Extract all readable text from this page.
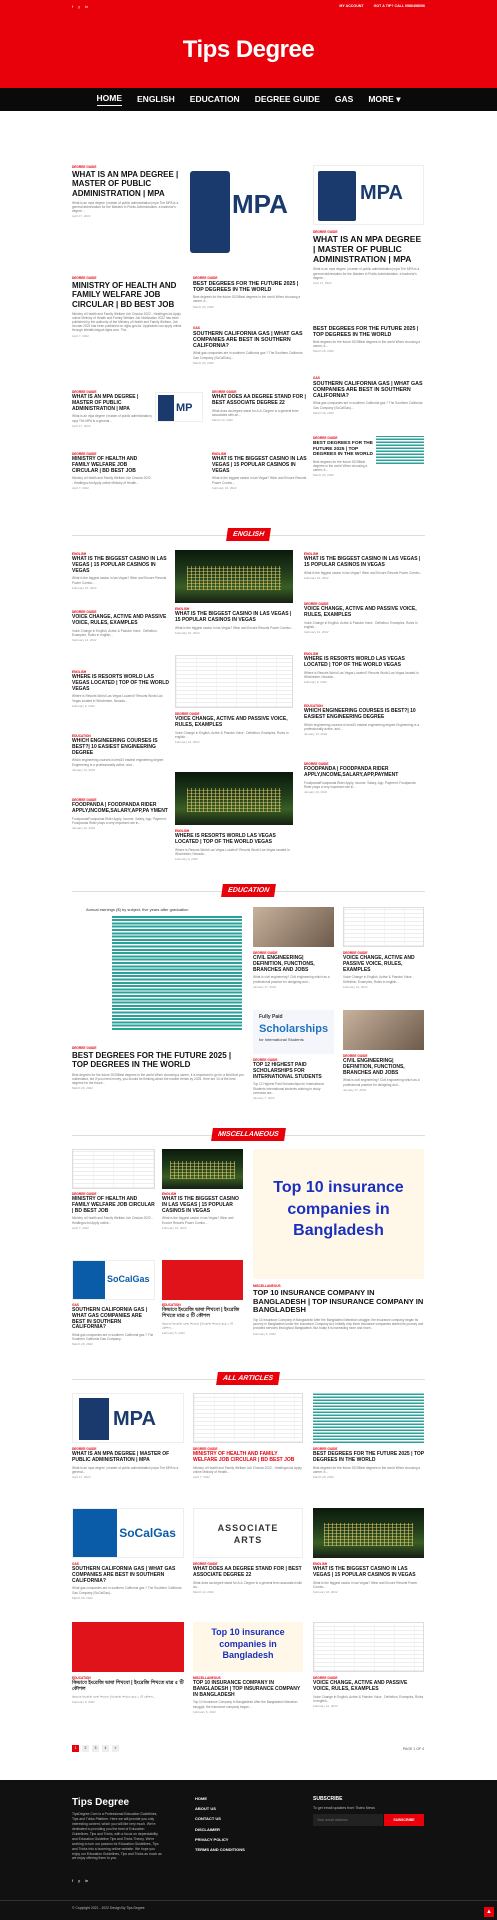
f y in	MY ACCOUNT	GOT A TIP? CALL 0986458056
Tips Degree
HOME ENGLISH EDUCATION DEGREE GUIDE GAS MORE ▾
DEGREE GUIDE
WHAT IS AN MPA DEGREE | MASTER OF PUBLIC ADMINISTRATION | MPA
What is an mpa degree | master of public administration| mpa The MPA is a general abbreviation for the Masters in Public Administration. a bachelor's degree...
April 17, 2022	MPA	MPA
DEGREE GUIDE
WHAT IS AN MPA DEGREE | MASTER OF PUBLIC ADMINISTRATION | MPA
What is an mpa degree | master of public administration| mpa The MPA is a general abbreviation for the Masters in Public Administration. a bachelor's degree...
April 17, 2022
DEGREE GUIDE
MINISTRY OF HEALTH AND FAMILY WELFARE JOB CIRCULAR | BD BEST JOB
Ministry of Health and Family Welfare Job Circular 2022 - Healthgov.bd Apply online Ministry of Health and Family Welfare Job Notification 2022 has been published by the authority of the Ministry of Health and Family Welfare. Job circular 2022 has been published on dghs.gov.bd. Applicants can apply online through teletalk.bdgovt.dghs.com. The...
April 7, 2022
DEGREE GUIDE
BEST DEGREES FOR THE FUTURE 2025 | TOP DEGREES IN THE WORLD
Best degrees for the future 2025Best degrees in the world When choosing a career, it...
March 26, 2022
GAS
SOUTHERN CALIFORNIA GAS | WHAT GAS COMPANIES ARE BEST IN SOUTHERN CALIFORNIA?
What gas companies are in southern California gas ? The Southern California Gas Company (SoCalGas)...
March 26, 2022
BEST DEGREES FOR THE FUTURE 2025 | TOP DEGREES IN THE WORLD
Best degrees for the future 2025Best degrees in the world When choosing a career, it...
March 26, 2022
GAS
SOUTHERN CALIFORNIA GAS | WHAT GAS COMPANIES ARE BEST IN SOUTHERN CALIFORNIA?
What gas companies are in southern California gas ? The Southern California Gas Company (SoCalGas)...
March 26, 2022
DEGREE GUIDE
WHAT IS AN MPA DEGREE | MASTER OF PUBLIC ADMINISTRATION | MPA
What is an mpa degree | master of public administration| mpa The MPA is a general...
April 17, 2022
MP
DEGREE GUIDE
WHAT DOES AA DEGREE STAND FOR | BEST ASSOCIATE DEGREE 22
What does aa degree stand for A.A. Degree is a general term associated with an...
March 13, 2022
DEGREE GUIDE
MINISTRY OF HEALTH AND FAMILY WELFARE JOB CIRCULAR | BD BEST JOB
Ministry of Health and Family Welfare Job Circular 2022 - Healthgov.bd Apply online Ministry of Health...
April 7, 2022
ENGLISH
WHAT IS THE BIGGEST CASINO IN LAS VEGAS | 15 POPULAR CASINOS IN VEGAS
What is the biggest casino in las Vegas? Winn and Encore Resorts Power Combo...
February 16, 2022
DEGREE GUIDE
BEST DEGREES FOR THE FUTURE 2025 | TOP DEGREES IN THE WORLD
Best degrees for the future 2025Best degrees in the world When choosing a career, it...
March 26, 2022
ENGLISH
ENGLISH
WHAT IS THE BIGGEST CASINO IN LAS VEGAS | 15 POPULAR CASINOS IN VEGAS
What is the biggest casino in las Vegas? Winn and Encore Resorts Power Combo...
February 16, 2022
DEGREE GUIDE
VOICE CHANGE, ACTIVE AND PASSIVE VOICE, RULES, EXAMPLES
Voice Change in English, Active & Passive Voice , Definition, Examples, Rules in english...
February 12, 2022
ENGLISH
WHERE IS RESORTS WORLD LAS VEGAS LOCATED | TOP OF THE WORLD VEGAS
Where is Resorts World Las Vegas Located? Resorts World Las Vegas located in Winchester, Nevada...
February 9, 2022
EDUCATION
WHICH ENGINEERING COURSES IS BEST?| 10 EASIEST ENGINEERING DEGREE
Which engineering courses is best10 easiest engineering degree Engineering is a professionally active, and...
January 13, 2022
DEGREE GUIDE
FOODPANDA | FOODPANDA RIDER APPLY,INCOME,SALARY,APP,PA YMENT
FoodpandaFoodpanda Rider Apply, Income, Salary, App, Payment: Foodpanda Rider plays a very important role in...
January 10, 2022
ENGLISH
WHAT IS THE BIGGEST CASINO IN LAS VEGAS | 15 POPULAR CASINOS IN VEGAS
What is the biggest casino in las Vegas? Winn and Encore Resorts Power Combo...
February 16, 2022
DEGREE GUIDE
VOICE CHANGE, ACTIVE AND PASSIVE VOICE, RULES, EXAMPLES
Voice Change in English, Active & Passive Voice , Definition, Examples, Rules in english...
February 12, 2022
ENGLISH
WHERE IS RESORTS WORLD LAS VEGAS LOCATED | TOP OF THE WORLD VEGAS
Where is Resorts World Las Vegas Located? Resorts World Las Vegas located in Winchester, Nevada...
February 9, 2022
ENGLISH
WHAT IS THE BIGGEST CASINO IN LAS VEGAS | 15 POPULAR CASINOS IN VEGAS
What is the biggest casino in las Vegas? Winn and Encore Resorts Power Combo...
February 16, 2022
DEGREE GUIDE
VOICE CHANGE, ACTIVE AND PASSIVE VOICE, RULES, EXAMPLES
Voice Change in English, Active & Passive Voice , Definition, Examples, Rules in english...
February 12, 2022
ENGLISH
WHERE IS RESORTS WORLD LAS VEGAS LOCATED | TOP OF THE WORLD VEGAS
Where is Resorts World Las Vegas Located? Resorts World Las Vegas located in Winchester, Nevada...
February 9, 2022
EDUCATION
WHICH ENGINEERING COURSES IS BEST?| 10 EASIEST ENGINEERING DEGREE
Which engineering courses is best10 easiest engineering degree Engineering is a professionally active, and...
January 13, 2022
DEGREE GUIDE
FOODPANDA | FOODPANDA RIDER APPLY,INCOME,SALARY,APP,PAYMENT
FoodpandaFoodpanda Rider Apply, Income, Salary, App, Payment: Foodpanda Rider plays a very important role in...
January 10, 2022
EDUCATION
Annual earnings ($) by subject, five years after graduation
DEGREE GUIDE
BEST DEGREES FOR THE FUTURE 2025 | TOP DEGREES IN THE WORLD
Best degrees for the future 2025Best degrees in the world When choosing a career, it is important to go for a field that you understand, but if you need money, you should be thinking about the market trends by 2025. Here are 10 of the best degrees for the future...
March 26, 2022
DEGREE GUIDE
CIVIL ENGINEERING| DEFINITION, FUNCTIONS, BRANCHES AND JOBS
What is civil engineering? Civil engineering which as a professional practice for designing and...
January 17, 2022
DEGREE GUIDE
VOICE CHANGE, ACTIVE AND PASSIVE VOICE, RULES, EXAMPLES
Voice Change in English, Active & Passive Voice , Definition, Examples, Rules in english...
February 12, 2022
Fully Paid
Scholarships
for International Students
DEGREE GUIDE
TOP 12 HIGHEST PAID SCHOLARSHIPS FOR INTERNATIONAL STUDENTS
Top 12 Highest Paid Scholarships for International Students International students wishing to study overseas are...
January 7, 2022
DEGREE GUIDE
CIVIL ENGINEERING| DEFINITION, FUNCTIONS, BRANCHES AND JOBS
What is civil engineering? Civil engineering which as a professional practice for designing and...
January 17, 2022
MISCELLANEOUS
DEGREE GUIDE
MINISTRY OF HEALTH AND FAMILY WELFARE JOB CIRCULAR | BD BEST JOB
Ministry of Health and Family Welfare Job Circular 2022 - Healthgov.bd Apply online...
April 7, 2022
ENGLISH
WHAT IS THE BIGGEST CASINO IN LAS VEGAS | 15 POPULAR CASINOS IN VEGAS
What is the biggest casino in las Vegas? Winn and Encore Resorts Power Combo...
February 16, 2022
SoCalGas
GAS
SOUTHERN CALIFORNIA GAS | WHAT GAS COMPANIES ARE BEST IN SOUTHERN CALIFORNIA?
What gas companies are in southern California gas ? The Southern California Gas Company...
March 26, 2022
EDUCATION
কিভাবে ইংরেজি ভাষা শিখবো | ইংরেজি শিখতে মাত্র ৫ টি কৌশল
কিভাবে ইংরেজি ভাষা শিখবো | ইংরেজি শিখতে মাত্র ৫ টি কৌশল...
February 5, 2022
Top 10 insurance companies in Bangladesh
MISCELLANEOUS
TOP 10 INSURANCE COMPANY IN BANGLADESH | TOP INSURANCE COMPANY IN BANGLADESH
Top 10 Insurance Company in Bangladesh After the Bangladesh liberation struggle, the insurance company began its journey in Bangladesh under the Insurance Company Act. Initially only three insurance companies started its journey and provided services throughout Bangladesh. But today it is increasing more and more...
February 5, 2022
ALL ARTICLES
MPA
DEGREE GUIDE
WHAT IS AN MPA DEGREE | MASTER OF PUBLIC ADMINISTRATION | MPA
What is an mpa degree | master of public administration| mpa The MPA is a general...
April 17, 2022
DEGREE GUIDE
MINISTRY OF HEALTH AND FAMILY WELFARE JOB CIRCULAR | BD BEST JOB
Ministry of Health and Family Welfare Job Circular 2022 - Healthgov.bd Apply online Ministry of Health...
April 7, 2022
DEGREE GUIDE
BEST DEGREES FOR THE FUTURE 2025 | TOP DEGREES IN THE WORLD
Best degrees for the future 2025Best degrees in the world When choosing a career, it...
March 26, 2022
SoCalGas
GAS
SOUTHERN CALIFORNIA GAS | WHAT GAS COMPANIES ARE BEST IN SOUTHERN CALIFORNIA?
What gas companies are in southern California gas ? The Southern California Gas Company (SoCalGas)...
March 26, 2022
ASSOCIATE ARTS
DEGREE GUIDE
WHAT DOES AA DEGREE STAND FOR | BEST ASSOCIATE DEGREE 22
What does aa degree stand for A.A. Degree is a general term associated with an...
March 13, 2022
ENGLISH
WHAT IS THE BIGGEST CASINO IN LAS VEGAS | 15 POPULAR CASINOS IN VEGAS
What is the biggest casino in las Vegas? Winn and Encore Resorts Power Combo...
February 16, 2022
EDUCATION
কিভাবে ইংরেজি ভাষা শিখবো | ইংরেজি শিখতে মাত্র ৫ টি কৌশল
কিভাবে ইংরেজি ভাষা শিখবো | ইংরেজি শিখতে মাত্র ৫ টি কৌশল...
February 5, 2022
Top 10 insurance companies in Bangladesh
MISCELLANEOUS
TOP 10 INSURANCE COMPANY IN BANGLADESH | TOP INSURANCE COMPANY IN BANGLADESH
Top 10 Insurance Company in Bangladesh After the Bangladesh liberation struggle, the insurance company began...
February 5, 2022
DEGREE GUIDE
VOICE CHANGE, ACTIVE AND PASSIVE VOICE, RULES, EXAMPLES
Voice Change in English, Active & Passive Voice , Definition, Examples, Rules in english...
February 12, 2022
1	2	3	4	»	PAGE 1 OF 4
Tips Degree
TipsDegree.Com is a Professional Education Guidelines, Tips and Tricks Platform. Here we will provide you only interesting content, which you will like very much. We're dedicated to providing you the best of Education Guidelines, Tips and Tricks, with a focus on dependability and Education Guideline Tips and Tricks Theory. We're working to turn our passion for Education Guidelines, Tips and Tricks into a booming online website. We hope you enjoy our Education Guidelines, Tips and Tricks as much as we enjoy offering them to you.
f y in
HOME
ABOUT US
CONTACT US
DISCLAIMER
PRIVACY POLICY
TERMS AND CONDITIONS
SUBSCRIBE
To get email updates from Tisteo News
Your email address
SUBSCRIBE
© Copyright 2021 - 2022 Design By Tips Degree
▲
